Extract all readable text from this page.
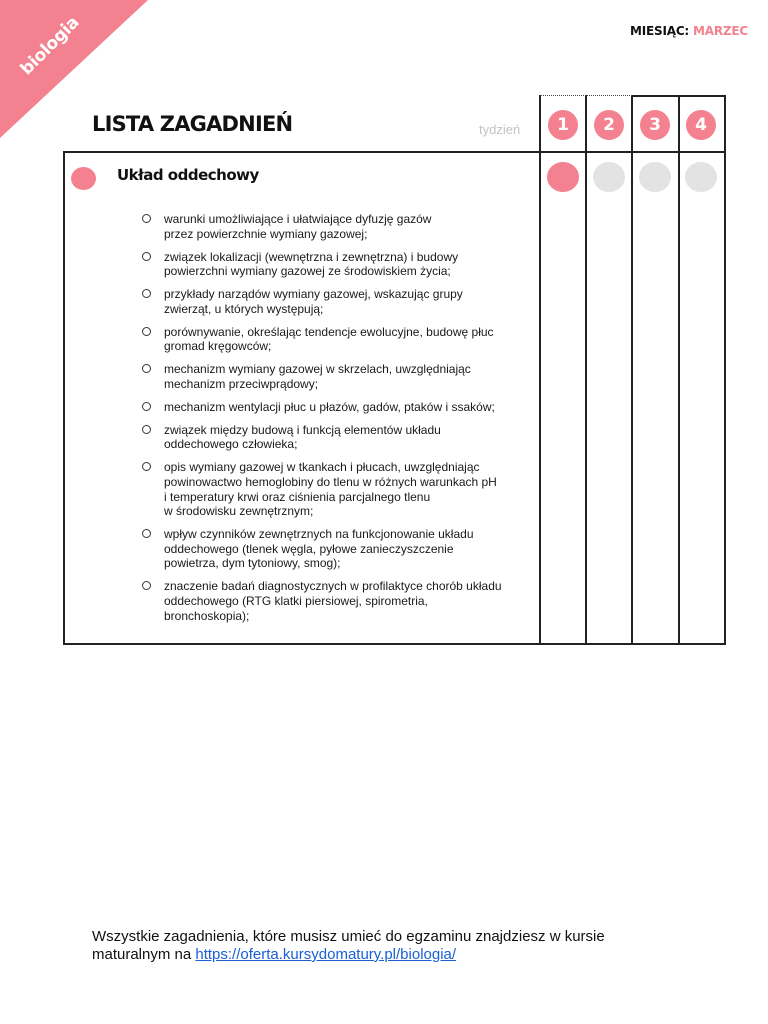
biologia	MIESIĄC: MARZEC
LISTA ZAGADNIEŃ	tydzień	1	2	3	4
Układ oddechowy
warunki umożliwiające i ułatwiające dyfuzję gazów
przez powierzchnie wymiany gazowej;
związek lokalizacji (wewnętrzna i zewnętrzna) i budowy
powierzchni wymiany gazowej ze środowiskiem życia;
przykłady narządów wymiany gazowej, wskazując grupy
zwierząt, u których występują;
porównywanie, określając tendencje ewolucyjne, budowę płuc
gromad kręgowców;
mechanizm wymiany gazowej w skrzelach, uwzględniając
mechanizm przeciwprądowy;
mechanizm wentylacji płuc u płazów, gadów, ptaków i ssaków;
związek między budową i funkcją elementów układu
oddechowego człowieka;
opis wymiany gazowej w tkankach i płucach, uwzględniając
powinowactwo hemoglobiny do tlenu w różnych warunkach pH
i temperatury krwi oraz ciśnienia parcjalnego tlenu
w środowisku zewnętrznym;
wpływ czynników zewnętrznych na funkcjonowanie układu
oddechowego (tlenek węgla, pyłowe zanieczyszczenie
powietrza, dym tytoniowy, smog);
znaczenie badań diagnostycznych w profilaktyce chorób układu
oddechowego (RTG klatki piersiowej, spirometria,
bronchoskopia);
Wszystkie zagadnienia, które musisz umieć do egzaminu znajdziesz w kursie maturalnym na https://oferta.kursydomatury.pl/biologia/
